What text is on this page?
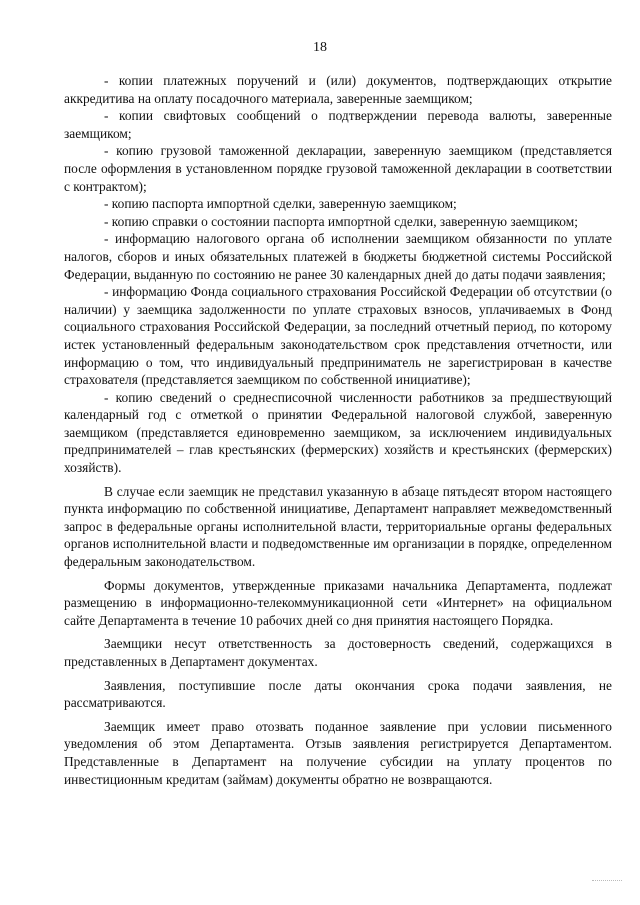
18

- копии платежных поручений и (или) документов, подтверждающих открытие аккредитива на оплату посадочного материала, заверенные заемщиком;

- копии свифтовых сообщений о подтверждении перевода валюты, заверенные заемщиком;

- копию грузовой таможенной декларации, заверенную заемщиком (представляется после оформления в установленном порядке грузовой таможенной декларации в соответствии с контрактом);

- копию паспорта импортной сделки, заверенную заемщиком;

- копию справки о состоянии паспорта импортной сделки, заверенную заемщиком;

- информацию налогового органа об исполнении заемщиком обязанности по уплате налогов, сборов и иных обязательных платежей в бюджеты бюджетной системы Российской Федерации, выданную по состоянию не ранее 30 календарных дней до даты подачи заявления;

- информацию Фонда социального страхования Российской Федерации об отсутствии (о наличии) у заемщика задолженности по уплате страховых взносов, уплачиваемых в Фонд социального страхования Российской Федерации, за последний отчетный период, по которому истек установленный федеральным законодательством срок представления отчетности, или информацию о том, что индивидуальный предприниматель не зарегистрирован в качестве страхователя (представляется заемщиком по собственной инициативе);

- копию сведений о среднесписочной численности работников за предшествующий календарный год с отметкой о принятии Федеральной налоговой службой, заверенную заемщиком (представляется единовременно заемщиком, за исключением индивидуальных предпринимателей – глав крестьянских (фермерских) хозяйств и крестьянских (фермерских) хозяйств).

В случае если заемщик не представил указанную в абзаце пятьдесят втором настоящего пункта информацию по собственной инициативе, Департамент направляет межведомственный запрос в федеральные органы исполнительной власти, территориальные органы федеральных органов исполнительной власти и подведомственные им организации в порядке, определенном федеральным законодательством.

Формы документов, утвержденные приказами начальника Департамента, подлежат размещению в информационно-телекоммуникационной сети «Интернет» на официальном сайте Департамента в течение 10 рабочих дней со дня принятия настоящего Порядка.

Заемщики несут ответственность за достоверность сведений, содержащихся в представленных в Департамент документах.

Заявления, поступившие после даты окончания срока подачи заявления, не рассматриваются.

Заемщик имеет право отозвать поданное заявление при условии письменного уведомления об этом Департамента. Отзыв заявления регистрируется Департаментом. Представленные в Департамент на получение субсидии на уплату процентов по инвестиционным кредитам (займам) документы обратно не возвращаются.
